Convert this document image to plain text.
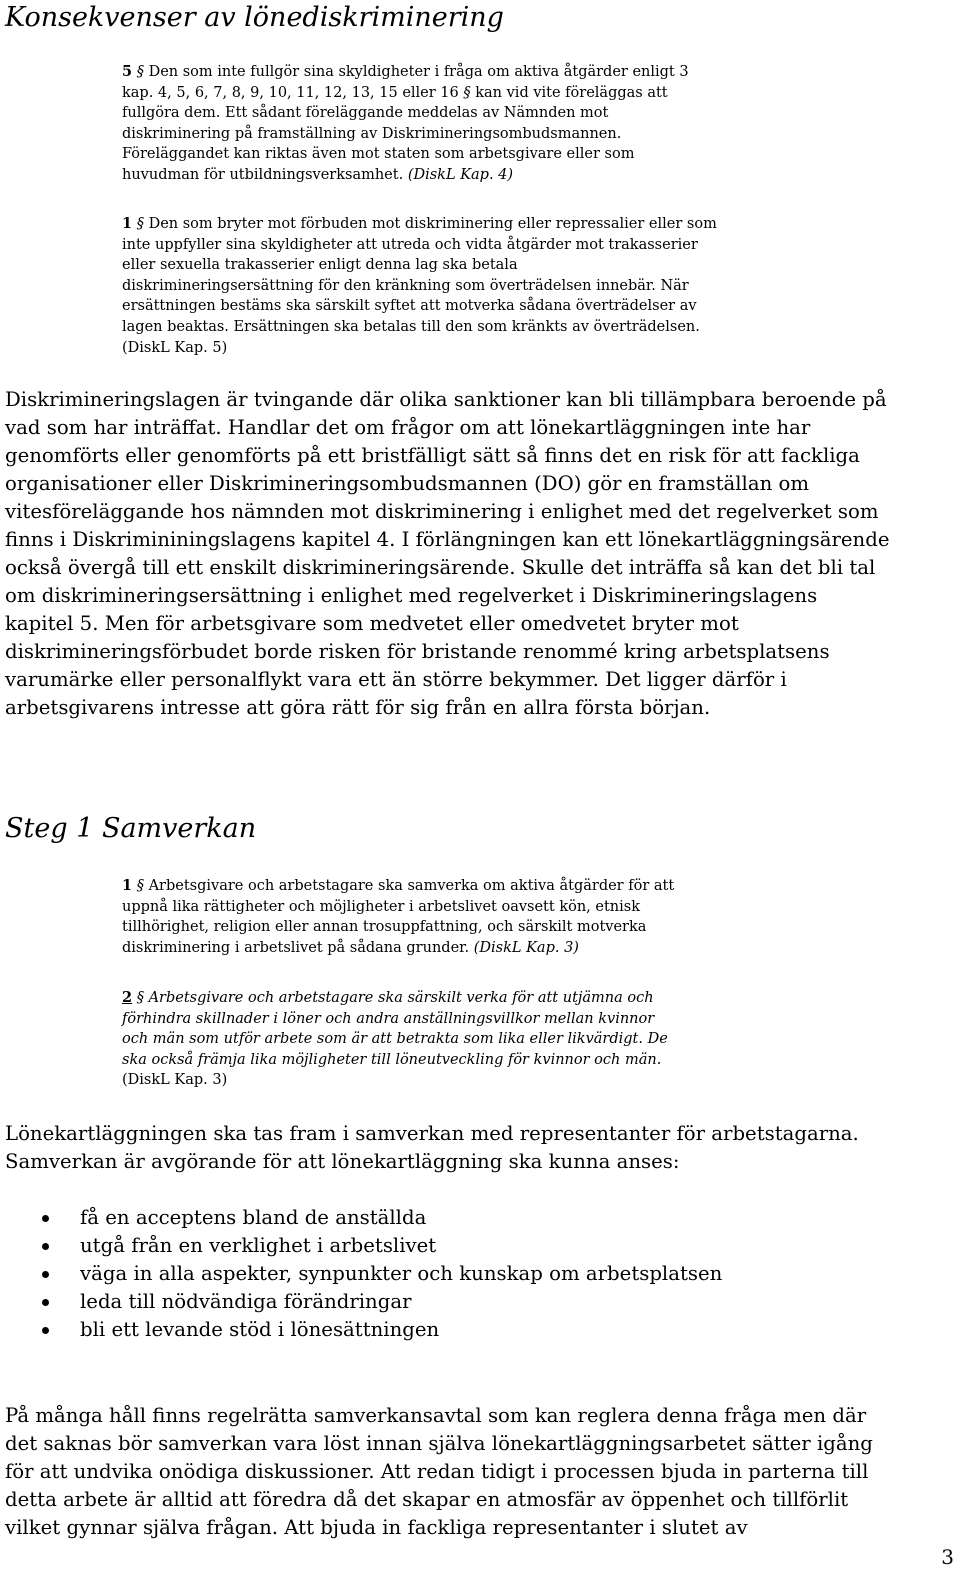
Konsekvenser av lönediskriminering
5 § Den som inte fullgör sina skyldigheter i fråga om aktiva åtgärder enligt 3
kap. 4, 5, 6, 7, 8, 9, 10, 11, 12, 13, 15 eller 16 § kan vid vite föreläggas att
fullgöra dem. Ett sådant föreläggande meddelas av Nämnden mot
diskriminering på framställning av Diskrimineringsombudsmannen.
Föreläggandet kan riktas även mot staten som arbetsgivare eller som
huvudman för utbildningsverksamhet. (DiskL Kap. 4)
1 § Den som bryter mot förbuden mot diskriminering eller repressalier eller som
inte uppfyller sina skyldigheter att utreda och vidta åtgärder mot trakasserier
eller sexuella trakasserier enligt denna lag ska betala
diskrimineringsersättning för den kränkning som överträdelsen innebär. När
ersättningen bestäms ska särskilt syftet att motverka sådana överträdelser av
lagen beaktas. Ersättningen ska betalas till den som kränkts av överträdelsen.
(DiskL Kap. 5)
Diskrimineringslagen är tvingande där olika sanktioner kan bli tillämpbara beroende på
vad som har inträffat. Handlar det om frågor om att lönekartläggningen inte har
genomförts eller genomförts på ett bristfälligt sätt så finns det en risk för att fackliga
organisationer eller Diskrimineringsombudsmannen (DO) gör en framställan om
vitesföreläggande hos nämnden mot diskriminering i enlighet med det regelverket som
finns i Diskrimininingslagens kapitel 4. I förlängningen kan ett lönekartläggningsärende
också övergå till ett enskilt diskrimineringsärende. Skulle det inträffa så kan det bli tal
om diskrimineringsersättning i enlighet med regelverket i Diskrimineringslagens
kapitel 5. Men för arbetsgivare som medvetet eller omedvetet bryter mot
diskrimineringsförbudet borde risken för bristande renommé kring arbetsplatsens
varumärke eller personalflykt vara ett än större bekymmer. Det ligger därför i
arbetsgivarens intresse att göra rätt för sig från en allra första början.
Steg 1 Samverkan
1 § Arbetsgivare och arbetstagare ska samverka om aktiva åtgärder för att
uppnå lika rättigheter och möjligheter i arbetslivet oavsett kön, etnisk
tillhörighet, religion eller annan trosuppfattning, och särskilt motverka
diskriminering i arbetslivet på sådana grunder. (DiskL Kap. 3)
2 § Arbetsgivare och arbetstagare ska särskilt verka för att utjämna och
förhindra skillnader i löner och andra anställningsvillkor mellan kvinnor
och män som utför arbete som är att betrakta som lika eller likvärdigt. De
ska också främja lika möjligheter till löneutveckling för kvinnor och män.
(DiskL Kap. 3)
Lönekartläggningen ska tas fram i samverkan med representanter för arbetstagarna.
Samverkan är avgörande för att lönekartläggning ska kunna anses:
få en acceptens bland de anställda
utgå från en verklighet i arbetslivet
väga in alla aspekter, synpunkter och kunskap om arbetsplatsen
leda till nödvändiga förändringar
bli ett levande stöd i lönesättningen
På många håll finns regelrätta samverkansavtal som kan reglera denna fråga men där
det saknas bör samverkan vara löst innan själva lönekartläggningsarbetet sätter igång
för att undvika onödiga diskussioner. Att redan tidigt i processen bjuda in parterna till
detta arbete är alltid att föredra då det skapar en atmosfär av öppenhet och tillförlit
vilket gynnar själva frågan. Att bjuda in fackliga representanter i slutet av
3
